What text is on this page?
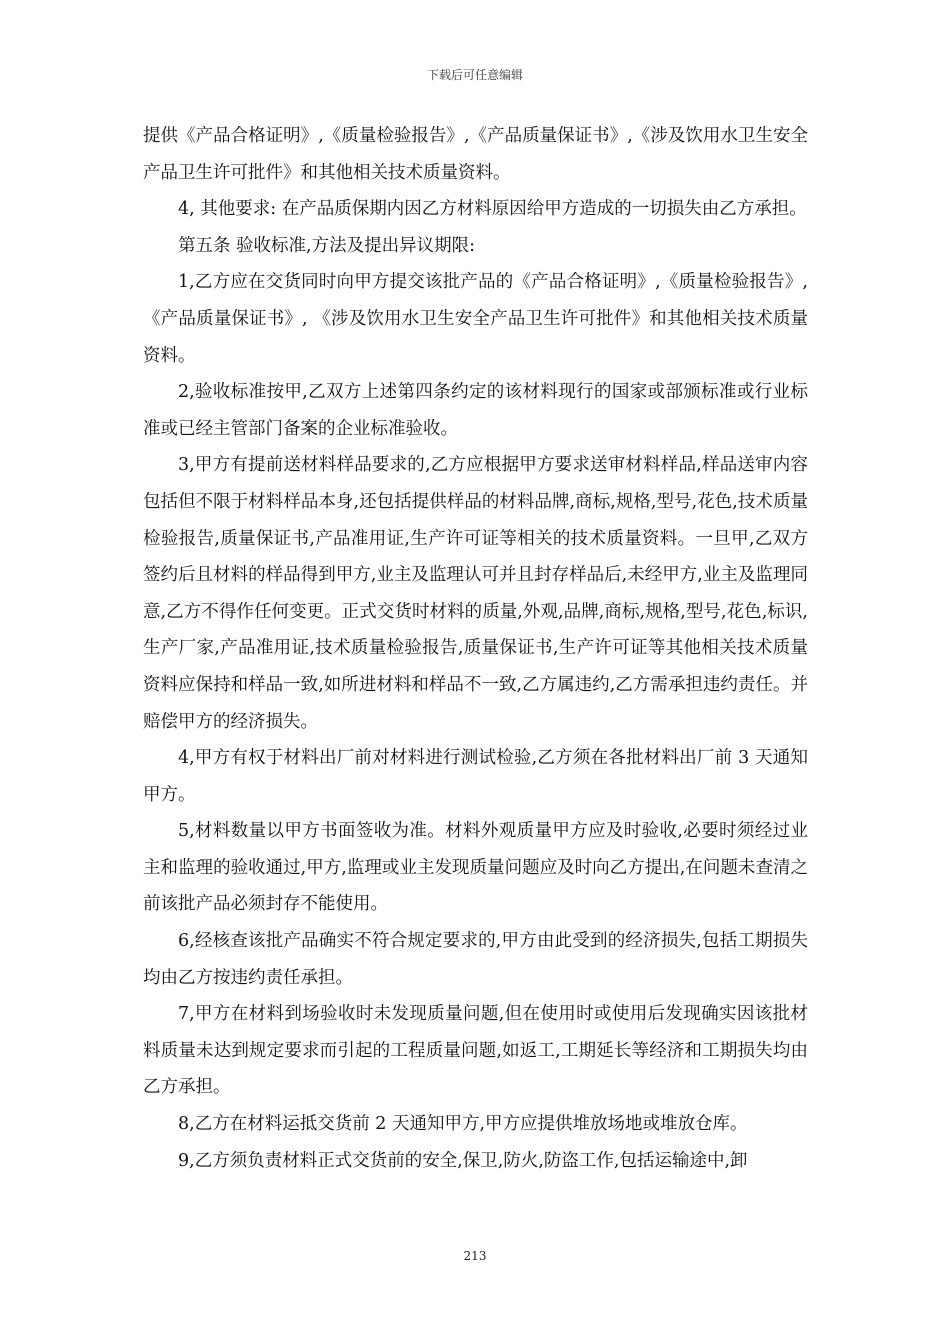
下载后可任意编辑

提供《产品合格证明》,《质量检验报告》,《产品质量保证书》,《涉及饮用水卫生安全产品卫生许可批件》和其他相关技术质量资料。

4, 其他要求: 在产品质保期内因乙方材料原因给甲方造成的一切损失由乙方承担。

第五条 验收标准,方法及提出异议期限:

1,乙方应在交货同时向甲方提交该批产品的《产品合格证明》,《质量检验报告》,《产品质量保证书》, 《涉及饮用水卫生安全产品卫生许可批件》和其他相关技术质量资料。

2,验收标准按甲,乙双方上述第四条约定的该材料现行的国家或部颁标准或行业标准或已经主管部门备案的企业标准验收。

3,甲方有提前送材料样品要求的,乙方应根据甲方要求送审材料样品,样品送审内容包括但不限于材料样品本身,还包括提供样品的材料品牌,商标,规格,型号,花色,技术质量检验报告,质量保证书,产品准用证,生产许可证等相关的技术质量资料。一旦甲,乙双方签约后且材料的样品得到甲方,业主及监理认可并且封存样品后,未经甲方,业主及监理同意,乙方不得作任何变更。正式交货时材料的质量,外观,品牌,商标,规格,型号,花色,标识,生产厂家,产品准用证,技术质量检验报告,质量保证书,生产许可证等其他相关技术质量资料应保持和样品一致,如所进材料和样品不一致,乙方属违约,乙方需承担违约责任。并赔偿甲方的经济损失。

4,甲方有权于材料出厂前对材料进行测试检验,乙方须在各批材料出厂前 3 天通知甲方。

5,材料数量以甲方书面签收为准。材料外观质量甲方应及时验收,必要时须经过业主和监理的验收通过,甲方,监理或业主发现质量问题应及时向乙方提出,在问题未查清之前该批产品必须封存不能使用。

6,经核查该批产品确实不符合规定要求的,甲方由此受到的经济损失,包括工期损失均由乙方按违约责任承担。

7,甲方在材料到场验收时未发现质量问题,但在使用时或使用后发现确实因该批材料质量未达到规定要求而引起的工程质量问题,如返工,工期延长等经济和工期损失均由乙方承担。

8,乙方在材料运抵交货前 2 天通知甲方,甲方应提供堆放场地或堆放仓库。

9,乙方须负责材料正式交货前的安全,保卫,防火,防盗工作,包括运输途中,卸

213
